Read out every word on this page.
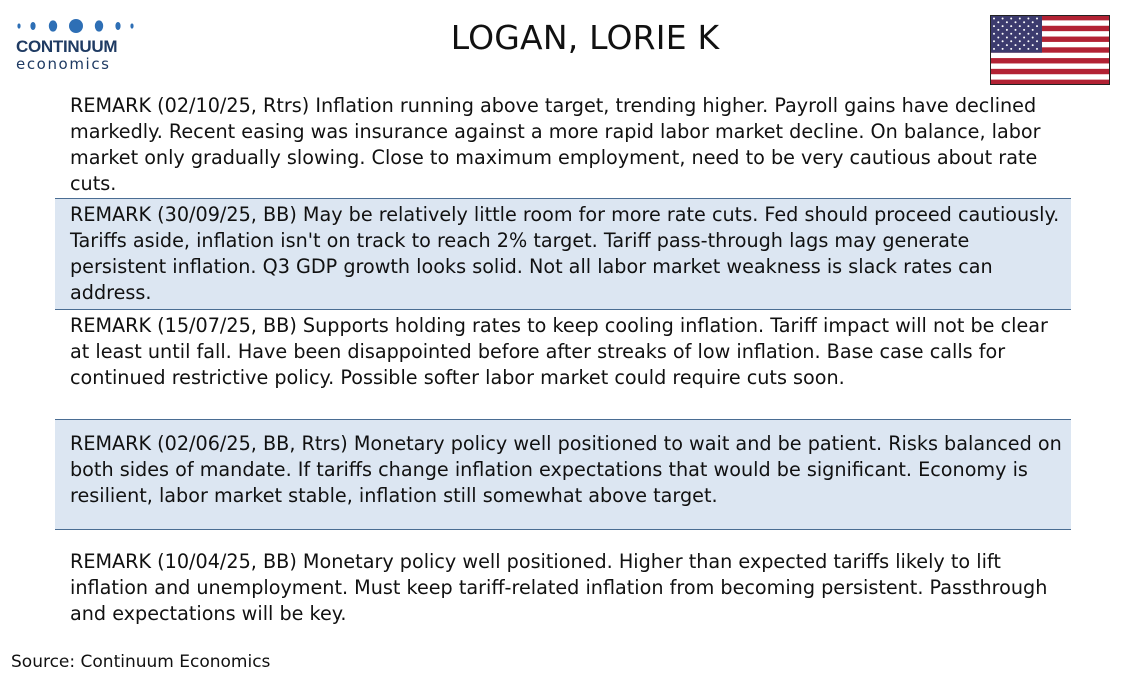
CONTINUUM
economics
LOGAN, LORIE K

REMARK (02/10/25, Rtrs) Inflation running above target, trending higher. Payroll gains have declined markedly. Recent easing was insurance against a more rapid labor market decline. On balance, labor market only gradually slowing. Close to maximum employment, need to be very cautious about rate cuts.

REMARK (30/09/25, BB) May be relatively little room for more rate cuts. Fed should proceed cautiously. Tariffs aside, inflation isn't on track to reach 2% target. Tariff pass-through lags may generate persistent inflation. Q3 GDP growth looks solid. Not all labor market weakness is slack rates can address.

REMARK (15/07/25, BB) Supports holding rates to keep cooling inflation. Tariff impact will not be clear at least until fall. Have been disappointed before after streaks of low inflation. Base case calls for continued restrictive policy. Possible softer labor market could require cuts soon.

REMARK (02/06/25, BB, Rtrs) Monetary policy well positioned to wait and be patient. Risks balanced on both sides of mandate. If tariffs change inflation expectations that would be significant. Economy is resilient, labor market stable, inflation still somewhat above target.

REMARK (10/04/25, BB) Monetary policy well positioned. Higher than expected tariffs likely to lift inflation and unemployment. Must keep tariff-related inflation from becoming persistent. Passthrough and expectations will be key.

Source: Continuum Economics
